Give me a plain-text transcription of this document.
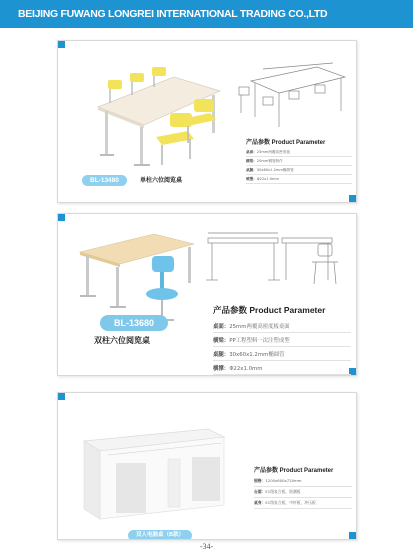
BEIJING FUWANG LONGREI INTERNATIONAL TRADING CO.,LTD
产品参数 Product Parameter
桌面：25mm两覆高密度板
横梁：20mm钢管制作
桌腿：30x60x1.2mm椭圆管
喷塑：Φ22x1.0mm
BL-13480	单柱六位阅览桌
产品参数 Product Parameter
桌面：25mm两覆高密度板桌面
横梁：PP工程塑料一次注塑成型
桌腿：30x60x1.2mm椭圆管
横撑：Φ22x1.0mm
BL-13680
双柱六位阅览桌
产品参数 Product Parameter
规格：1200x600x720mm
台面：E1级复合板，防潮板
桌身：E1级复合板，中纤板，冲压板
双人电脑桌（B款）
-34-
